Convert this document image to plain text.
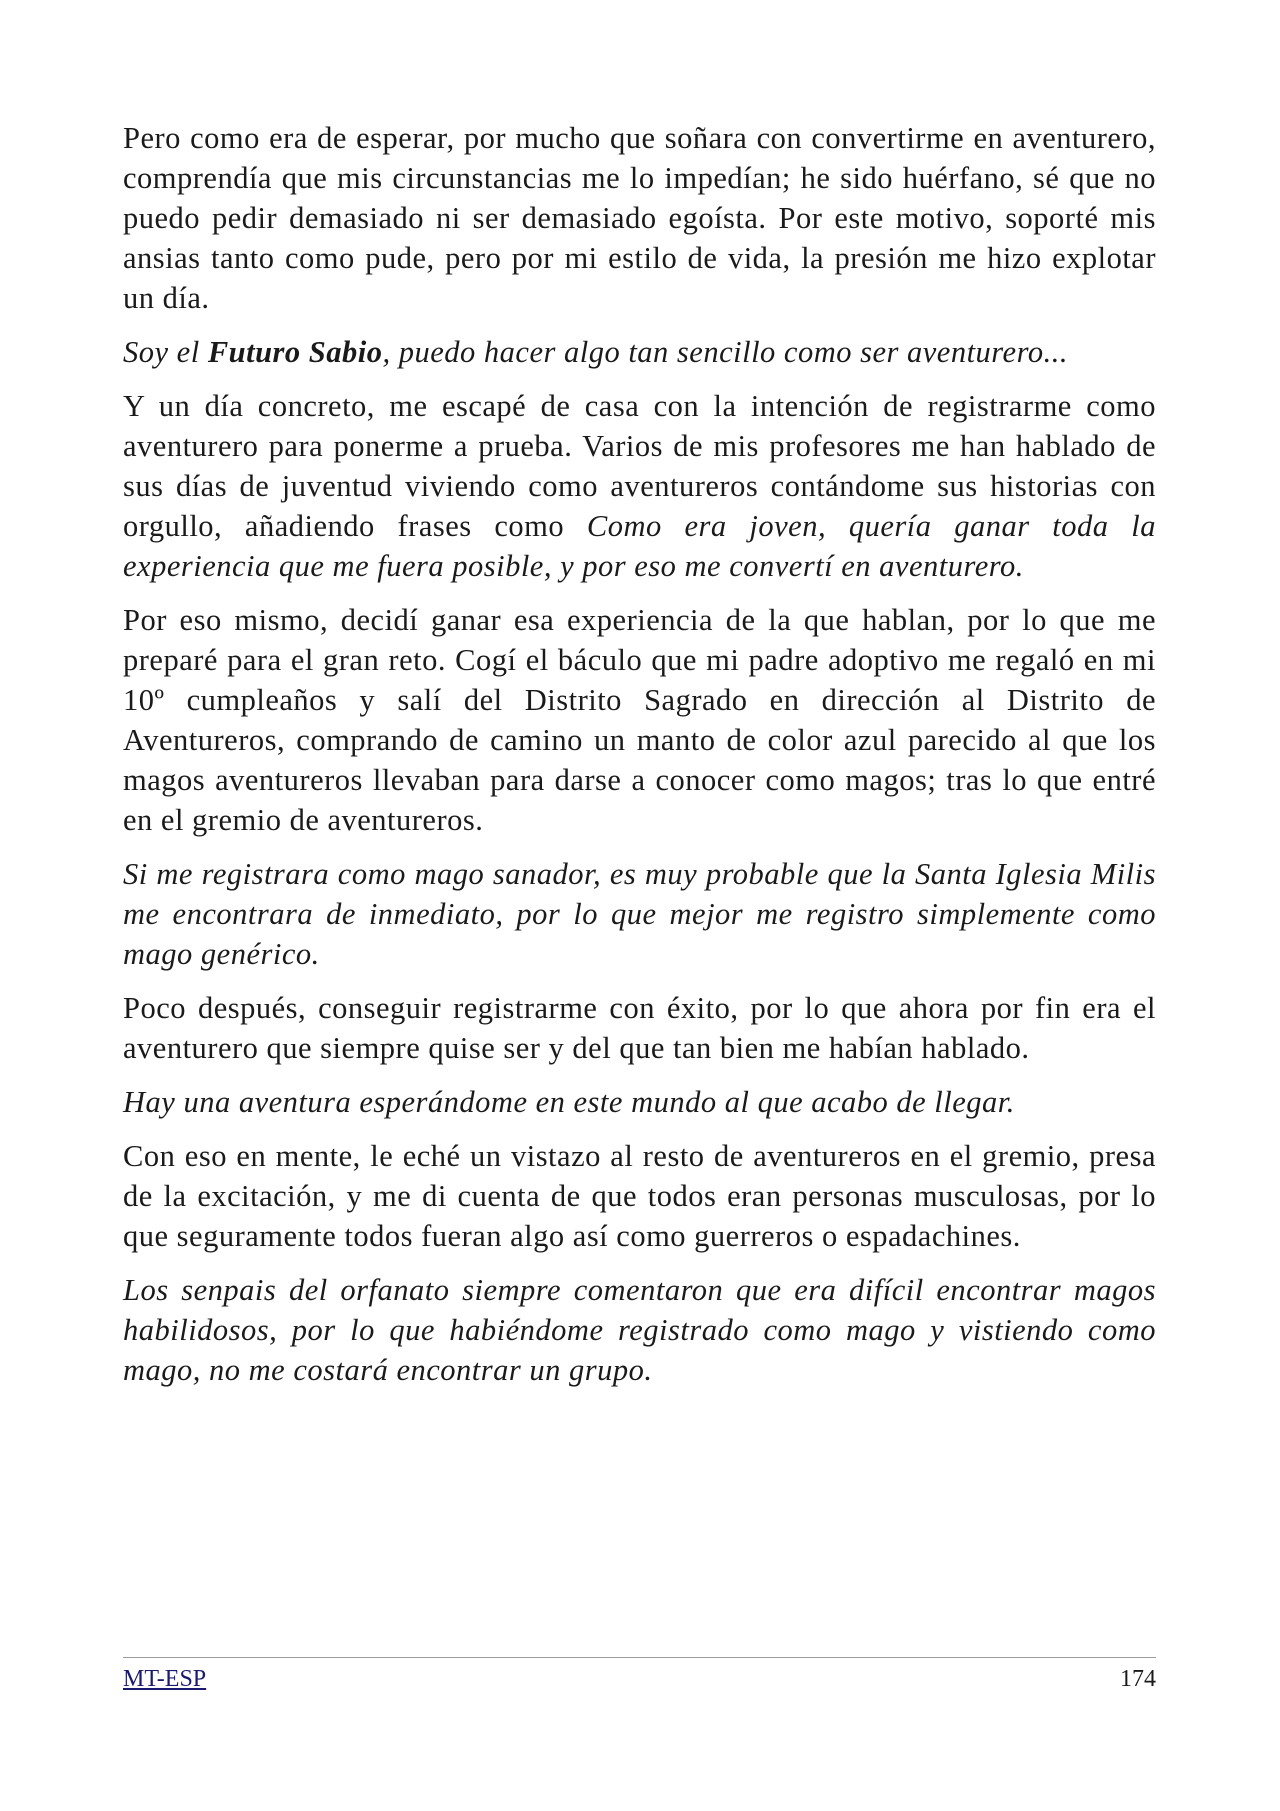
Pero como era de esperar, por mucho que soñara con convertirme en aventurero, comprendía que mis circunstancias me lo impedían; he sido huérfano, sé que no puedo pedir demasiado ni ser demasiado egoísta. Por este motivo, soporté mis ansias tanto como pude, pero por mi estilo de vida, la presión me hizo explotar un día.

Soy el Futuro Sabio, puedo hacer algo tan sencillo como ser aventurero...

Y un día concreto, me escapé de casa con la intención de registrarme como aventurero para ponerme a prueba. Varios de mis profesores me han hablado de sus días de juventud viviendo como aventureros contándome sus historias con orgullo, añadiendo frases como Como era joven, quería ganar toda la experiencia que me fuera posible, y por eso me convertí en aventurero.

Por eso mismo, decidí ganar esa experiencia de la que hablan, por lo que me preparé para el gran reto. Cogí el báculo que mi padre adoptivo me regaló en mi 10º cumpleaños y salí del Distrito Sagrado en dirección al Distrito de Aventureros, comprando de camino un manto de color azul parecido al que los magos aventureros llevaban para darse a conocer como magos; tras lo que entré en el gremio de aventureros.

Si me registrara como mago sanador, es muy probable que la Santa Iglesia Milis me encontrara de inmediato, por lo que mejor me registro simplemente como mago genérico.

Poco después, conseguir registrarme con éxito, por lo que ahora por fin era el aventurero que siempre quise ser y del que tan bien me habían hablado.

Hay una aventura esperándome en este mundo al que acabo de llegar.

Con eso en mente, le eché un vistazo al resto de aventureros en el gremio, presa de la excitación, y me di cuenta de que todos eran personas musculosas, por lo que seguramente todos fueran algo así como guerreros o espadachines.

Los senpais del orfanato siempre comentaron que era difícil encontrar magos habilidosos, por lo que habiéndome registrado como mago y vistiendo como mago, no me costará encontrar un grupo.

MT-ESP	174
